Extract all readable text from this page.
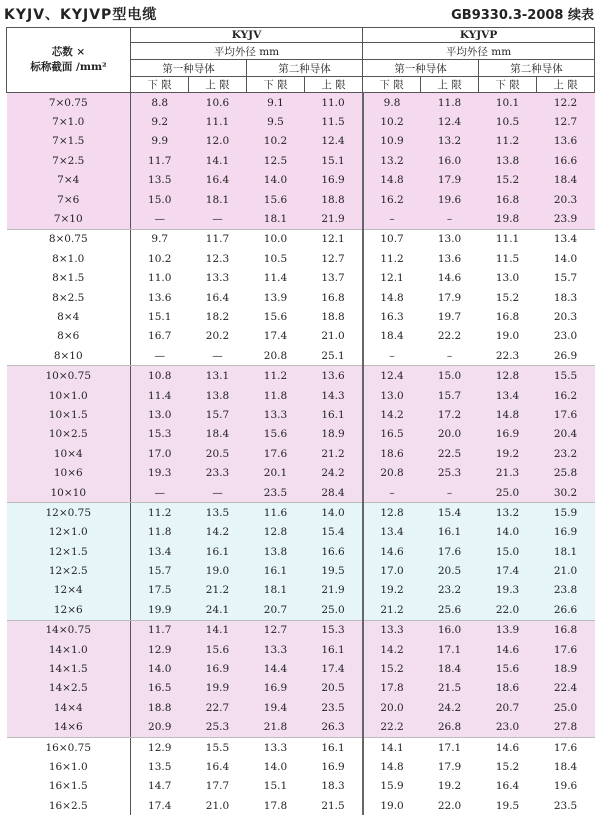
KYJV、KYJVP型电缆	GB9330.3-2008 续表
芯数 ×
标称截面 /mm²	KYJV				KYJVP			
	平均外径 mm				平均外径 mm			
	第一种导体		第二种导体		第一种导体		第二种导体	
	下 限	上 限	下 限	上 限	下 限	上 限	下 限	上 限
7×0.75	8.8	10.6	9.1	11.0	9.8	11.8	10.1	12.2
7×1.0	9.2	11.1	9.5	11.5	10.2	12.4	10.5	12.7
7×1.5	9.9	12.0	10.2	12.4	10.9	13.2	11.2	13.6
7×2.5	11.7	14.1	12.5	15.1	13.2	16.0	13.8	16.6
7×4	13.5	16.4	14.0	16.9	14.8	17.9	15.2	18.4
7×6	15.0	18.1	15.6	18.8	16.2	19.6	16.8	20.3
7×10	—	—	18.1	21.9	–	–	19.8	23.9
8×0.75	9.7	11.7	10.0	12.1	10.7	13.0	11.1	13.4
8×1.0	10.2	12.3	10.5	12.7	11.2	13.6	11.5	14.0
8×1.5	11.0	13.3	11.4	13.7	12.1	14.6	13.0	15.7
8×2.5	13.6	16.4	13.9	16.8	14.8	17.9	15.2	18.3
8×4	15.1	18.2	15.6	18.8	16.3	19.7	16.8	20.3
8×6	16.7	20.2	17.4	21.0	18.4	22.2	19.0	23.0
8×10	—	—	20.8	25.1	–	–	22.3	26.9
10×0.75	10.8	13.1	11.2	13.6	12.4	15.0	12.8	15.5
10×1.0	11.4	13.8	11.8	14.3	13.0	15.7	13.4	16.2
10×1.5	13.0	15.7	13.3	16.1	14.2	17.2	14.8	17.6
10×2.5	15.3	18.4	15.6	18.9	16.5	20.0	16.9	20.4
10×4	17.0	20.5	17.6	21.2	18.6	22.5	19.2	23.2
10×6	19.3	23.3	20.1	24.2	20.8	25.3	21.3	25.8
10×10	—	—	23.5	28.4	–	–	25.0	30.2
12×0.75	11.2	13.5	11.6	14.0	12.8	15.4	13.2	15.9
12×1.0	11.8	14.2	12.8	15.4	13.4	16.1	14.0	16.9
12×1.5	13.4	16.1	13.8	16.6	14.6	17.6	15.0	18.1
12×2.5	15.7	19.0	16.1	19.5	17.0	20.5	17.4	21.0
12×4	17.5	21.2	18.1	21.9	19.2	23.2	19.3	23.8
12×6	19.9	24.1	20.7	25.0	21.2	25.6	22.0	26.6
14×0.75	11.7	14.1	12.7	15.3	13.3	16.0	13.9	16.8
14×1.0	12.9	15.6	13.3	16.1	14.2	17.1	14.6	17.6
14×1.5	14.0	16.9	14.4	17.4	15.2	18.4	15.6	18.9
14×2.5	16.5	19.9	16.9	20.5	17.8	21.5	18.6	22.4
14×4	18.8	22.7	19.4	23.5	20.0	24.2	20.7	25.0
14×6	20.9	25.3	21.8	26.3	22.2	26.8	23.0	27.8
16×0.75	12.9	15.5	13.3	16.1	14.1	17.1	14.6	17.6
16×1.0	13.5	16.4	14.0	16.9	14.8	17.9	15.2	18.4
16×1.5	14.7	17.7	15.1	18.3	15.9	19.2	16.4	19.6
16×2.5	17.4	21.0	17.8	21.5	19.0	22.0	19.5	23.5
